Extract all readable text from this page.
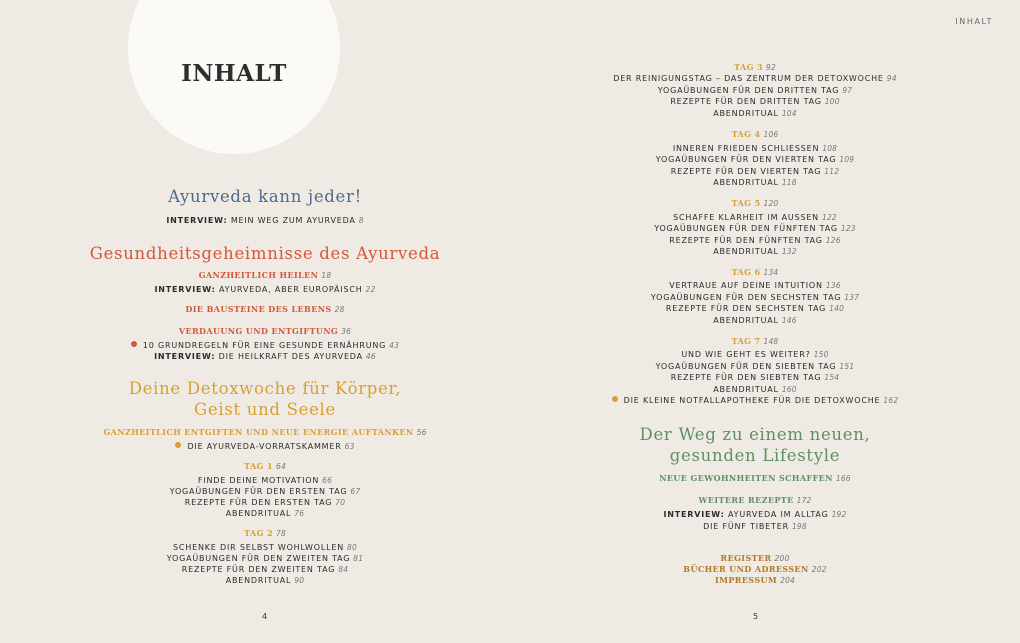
INHALT
INHALT
Ayurveda kann jeder!
INTERVIEW: MEIN WEG ZUM AYURVEDA 8
Gesundheitsgeheimnisse des Ayurveda
GANZHEITLICH HEILEN 18
INTERVIEW: AYURVEDA, ABER EUROPÄISCH 22
DIE BAUSTEINE DES LEBENS 28
VERDAUUNG UND ENTGIFTUNG 36
10 GRUNDREGELN FÜR EINE GESUNDE ERNÄHRUNG 43
INTERVIEW: DIE HEILKRAFT DES AYURVEDA 46
Deine Detoxwoche für Körper,
Geist und Seele
GANZHEITLICH ENTGIFTEN UND NEUE ENERGIE AUFTANKEN 56
DIE AYURVEDA-VORRATSKAMMER 63
TAG 1 64
FINDE DEINE MOTIVATION 66
YOGAÜBUNGEN FÜR DEN ERSTEN TAG 67
REZEPTE FÜR DEN ERSTEN TAG 70
ABENDRITUAL 76
TAG 2 78
SCHENKE DIR SELBST WOHLWOLLEN 80
YOGAÜBUNGEN FÜR DEN ZWEITEN TAG 81
REZEPTE FÜR DEN ZWEITEN TAG 84
ABENDRITUAL 90
TAG 3 92
DER REINIGUNGSTAG – DAS ZENTRUM DER DETOXWOCHE 94
YOGAÜBUNGEN FÜR DEN DRITTEN TAG 97
REZEPTE FÜR DEN DRITTEN TAG 100
ABENDRITUAL 104
TAG 4 106
INNEREN FRIEDEN SCHLIESSEN 108
YOGAÜBUNGEN FÜR DEN VIERTEN TAG 109
REZEPTE FÜR DEN VIERTEN TAG 112
ABENDRITUAL 118
TAG 5 120
SCHAFFE KLARHEIT IM AUSSEN 122
YOGAÜBUNGEN FÜR DEN FÜNFTEN TAG 123
REZEPTE FÜR DEN FÜNFTEN TAG 126
ABENDRITUAL 132
TAG 6 134
VERTRAUE AUF DEINE INTUITION 136
YOGAÜBUNGEN FÜR DEN SECHSTEN TAG 137
REZEPTE FÜR DEN SECHSTEN TAG 140
ABENDRITUAL 146
TAG 7 148
UND WIE GEHT ES WEITER? 150
YOGAÜBUNGEN FÜR DEN SIEBTEN TAG 151
REZEPTE FÜR DEN SIEBTEN TAG 154
ABENDRITUAL 160
DIE KLEINE NOTFALLAPOTHEKE FÜR DIE DETOXWOCHE 162
Der Weg zu einem neuen,
gesunden Lifestyle
NEUE GEWOHNHEITEN SCHAFFEN 166
WEITERE REZEPTE 172
INTERVIEW: AYURVEDA IM ALLTAG 192
DIE FÜNF TIBETER 198
REGISTER 200
BÜCHER UND ADRESSEN 202
IMPRESSUM 204
4	5
